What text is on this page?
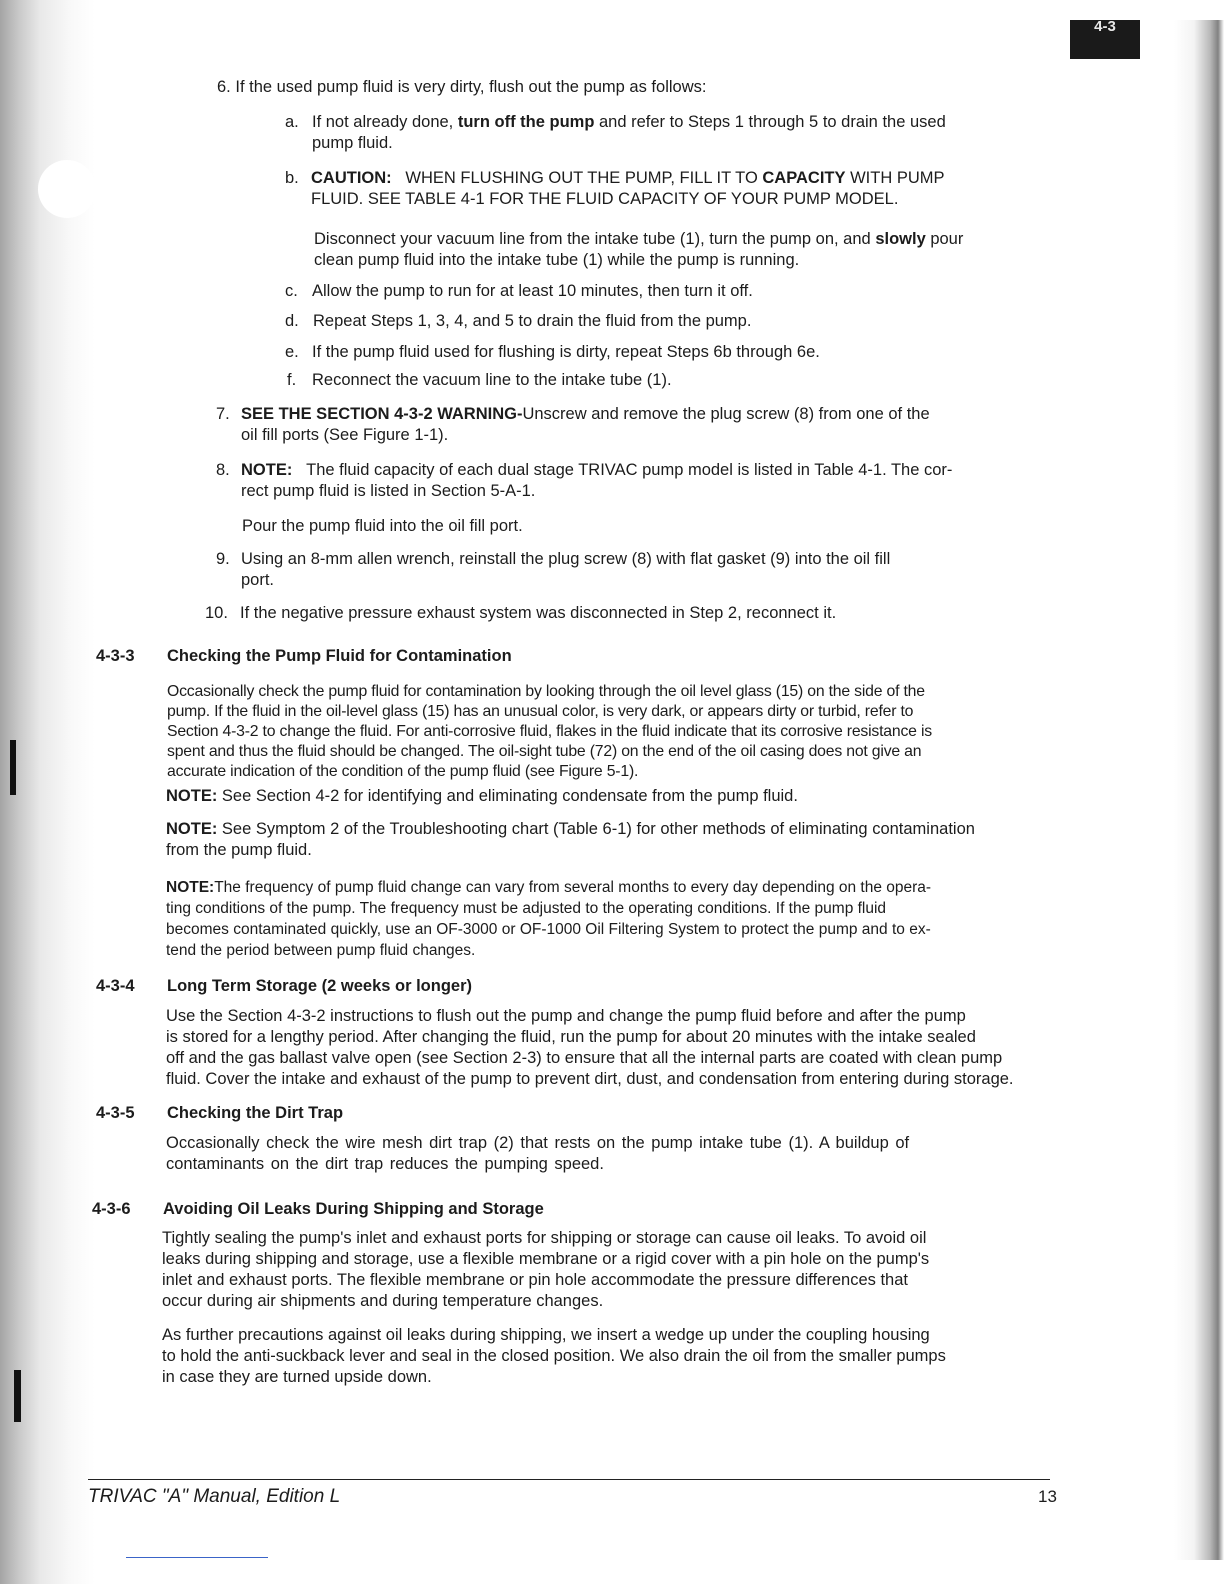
4-3
6. If the used pump fluid is very dirty, flush out the pump as follows:
a. If not already done, turn off the pump and refer to Steps 1 through 5 to drain the used
pump fluid.
b. CAUTION: WHEN FLUSHING OUT THE PUMP, FILL IT TO CAPACITY WITH PUMP
FLUID. SEE TABLE 4-1 FOR THE FLUID CAPACITY OF YOUR PUMP MODEL.
Disconnect your vacuum line from the intake tube (1), turn the pump on, and slowly pour
clean pump fluid into the intake tube (1) while the pump is running.
c. Allow the pump to run for at least 10 minutes, then turn it off.
d. Repeat Steps 1, 3, 4, and 5 to drain the fluid from the pump.
e. If the pump fluid used for flushing is dirty, repeat Steps 6b through 6e.
f. Reconnect the vacuum line to the intake tube (1).
7. SEE THE SECTION 4-3-2 WARNING-Unscrew and remove the plug screw (8) from one of the
oil fill ports (See Figure 1-1).
8. NOTE: The fluid capacity of each dual stage TRIVAC pump model is listed in Table 4-1. The cor-
rect pump fluid is listed in Section 5-A-1.
Pour the pump fluid into the oil fill port.
9. Using an 8-mm allen wrench, reinstall the plug screw (8) with flat gasket (9) into the oil fill
port.
10. If the negative pressure exhaust system was disconnected in Step 2, reconnect it.
4-3-3 Checking the Pump Fluid for Contamination
Occasionally check the pump fluid for contamination by looking through the oil level glass (15) on the side of the
pump. If the fluid in the oil-level glass (15) has an unusual color, is very dark, or appears dirty or turbid, refer to
Section 4-3-2 to change the fluid. For anti-corrosive fluid, flakes in the fluid indicate that its corrosive resistance is
spent and thus the fluid should be changed. The oil-sight tube (72) on the end of the oil casing does not give an
accurate indication of the condition of the pump fluid (see Figure 5-1).
NOTE: See Section 4-2 for identifying and eliminating condensate from the pump fluid.
NOTE: See Symptom 2 of the Troubleshooting chart (Table 6-1) for other methods of eliminating contamination
from the pump fluid.
NOTE:The frequency of pump fluid change can vary from several months to every day depending on the opera-
ting conditions of the pump. The frequency must be adjusted to the operating conditions. If the pump fluid
becomes contaminated quickly, use an OF-3000 or OF-1000 Oil Filtering System to protect the pump and to ex-
tend the period between pump fluid changes.
4-3-4 Long Term Storage (2 weeks or longer)
Use the Section 4-3-2 instructions to flush out the pump and change the pump fluid before and after the pump
is stored for a lengthy period. After changing the fluid, run the pump for about 20 minutes with the intake sealed
off and the gas ballast valve open (see Section 2-3) to ensure that all the internal parts are coated with clean pump
fluid. Cover the intake and exhaust of the pump to prevent dirt, dust, and condensation from entering during storage.
4-3-5 Checking the Dirt Trap
Occasionally check the wire mesh dirt trap (2) that rests on the pump intake tube (1). A buildup of
contaminants on the dirt trap reduces the pumping speed.
4-3-6 Avoiding Oil Leaks During Shipping and Storage
Tightly sealing the pump's inlet and exhaust ports for shipping or storage can cause oil leaks. To avoid oil
leaks during shipping and storage, use a flexible membrane or a rigid cover with a pin hole on the pump's
inlet and exhaust ports. The flexible membrane or pin hole accommodate the pressure differences that
occur during air shipments and during temperature changes.
As further precautions against oil leaks during shipping, we insert a wedge up under the coupling housing
to hold the anti-suckback lever and seal in the closed position. We also drain the oil from the smaller pumps
in case they are turned upside down.
TRIVAC "A" Manual, Edition L	13
